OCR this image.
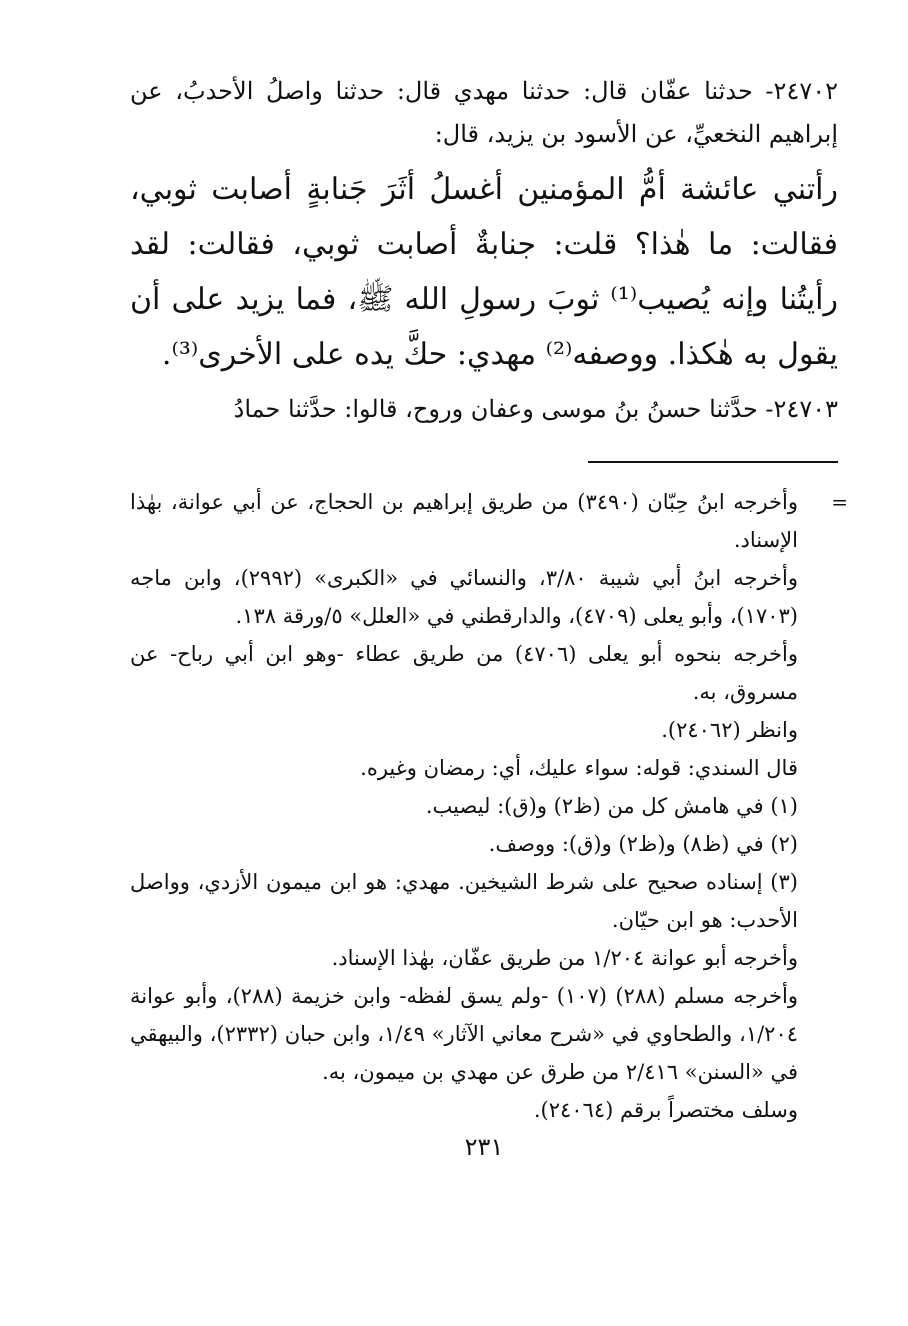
٢٤٧٠٢- حدثنا عفّان قال: حدثنا مهدي قال: حدثنا واصلُ الأحدبُ، عن إبراهيم النخعيِّ، عن الأسود بن يزيد، قال:

رأتني عائشة أمُّ المؤمنين أغسلُ أثَرَ جَنابةٍ أصابت ثوبي، فقالت: ما هٰذا؟ قلت: جنابةٌ أصابت ثوبي، فقالت: لقد رأيتُنا وإنه يُصيب⁽¹⁾ ثوبَ رسولِ الله ﷺ، فما يزيد على أن يقول به هٰكذا. ووصفه⁽²⁾ مهدي: حكَّ يده على الأخرى⁽³⁾.

٢٤٧٠٣- حدَّثنا حسنُ بنُ موسى وعفان وروح، قالوا: حدَّثنا حمادُ

=

وأخرجه ابنُ حِبّان (٣٤٩٠) من طريق إبراهيم بن الحجاج، عن أبي عوانة، بهٰذا الإسناد.

وأخرجه ابنُ أبي شيبة ٣/٨٠، والنسائي في «الكبرى» (٢٩٩٢)، وابن ماجه (١٧٠٣)، وأبو يعلى (٤٧٠٩)، والدارقطني في «العلل» ٥/ورقة ١٣٨.

وأخرجه بنحوه أبو يعلى (٤٧٠٦) من طريق عطاء -وهو ابن أبي رباح- عن مسروق، به.

وانظر (٢٤٠٦٢).

قال السندي: قوله: سواء عليك، أي: رمضان وغيره.

(١) في هامش كل من (ظ٢) و(ق): ليصيب.

(٢) في (ظ٨) و(ظ٢) و(ق): ووصف.

(٣) إسناده صحيح على شرط الشيخين. مهدي: هو ابن ميمون الأزدي، وواصل الأحدب: هو ابن حيّان.

وأخرجه أبو عوانة ١/٢٠٤ من طريق عفّان، بهٰذا الإسناد.

وأخرجه مسلم (٢٨٨) (١٠٧) -ولم يسق لفظه- وابن خزيمة (٢٨٨)، وأبو عوانة ١/٢٠٤، والطحاوي في «شرح معاني الآثار» ١/٤٩، وابن حبان (٢٣٣٢)، والبيهقي في «السنن» ٢/٤١٦ من طرق عن مهدي بن ميمون، به.

وسلف مختصراً برقم (٢٤٠٦٤).

٢٣١
